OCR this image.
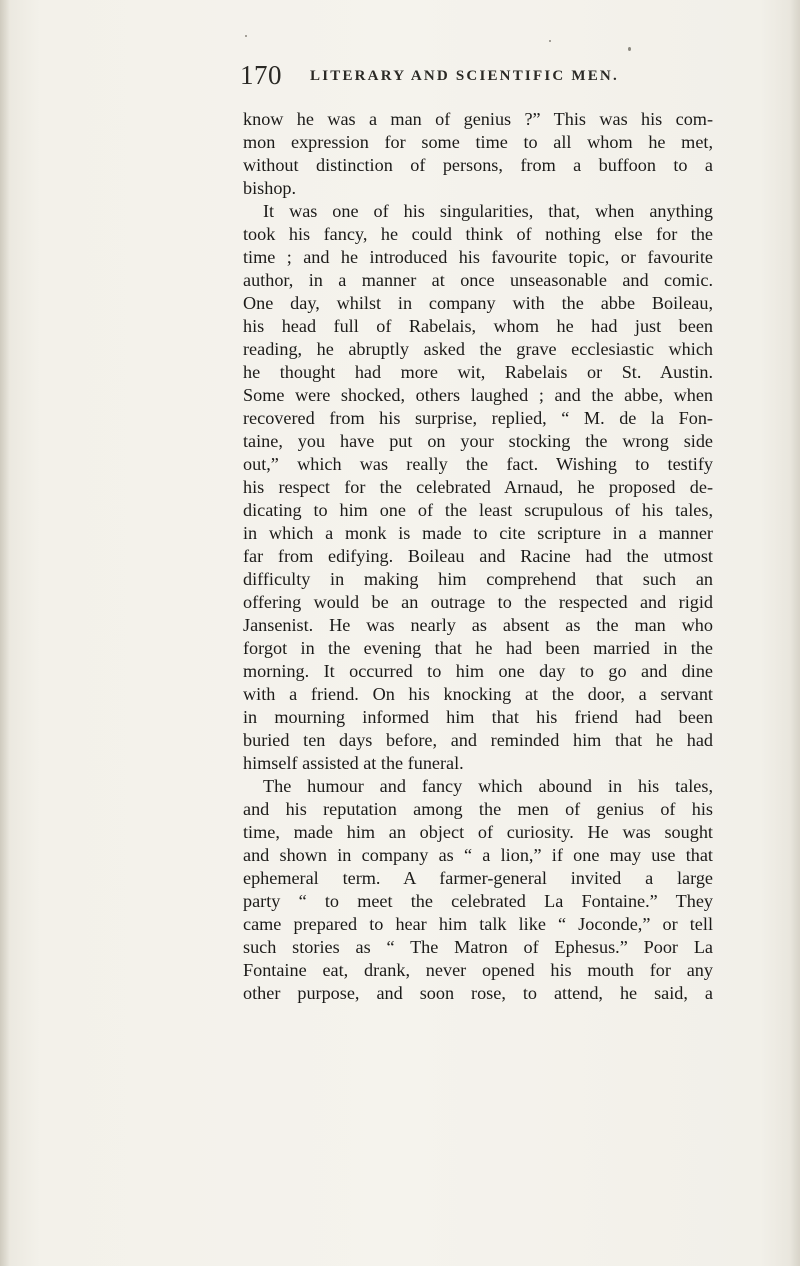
170 LITERARY AND SCIENTIFIC MEN.
know he was a man of genius ?” This was his com-
mon expression for some time to all whom he met,
without distinction of persons, from a buffoon to a
bishop.
It was one of his singularities, that, when anything
took his fancy, he could think of nothing else for the
time ; and he introduced his favourite topic, or favourite
author, in a manner at once unseasonable and comic.
One day, whilst in company with the abbe Boileau,
his head full of Rabelais, whom he had just been
reading, he abruptly asked the grave ecclesiastic which
he thought had more wit, Rabelais or St. Austin.
Some were shocked, others laughed ; and the abbe, when
recovered from his surprise, replied, “ M. de la Fon-
taine, you have put on your stocking the wrong side
out,” which was really the fact. Wishing to testify
his respect for the celebrated Arnaud, he proposed de-
dicating to him one of the least scrupulous of his tales,
in which a monk is made to cite scripture in a manner
far from edifying. Boileau and Racine had the utmost
difficulty in making him comprehend that such an
offering would be an outrage to the respected and rigid
Jansenist. He was nearly as absent as the man who
forgot in the evening that he had been married in the
morning. It occurred to him one day to go and dine
with a friend. On his knocking at the door, a servant
in mourning informed him that his friend had been
buried ten days before, and reminded him that he had
himself assisted at the funeral.
The humour and fancy which abound in his tales,
and his reputation among the men of genius of his
time, made him an object of curiosity. He was sought
and shown in company as “ a lion,” if one may use that
ephemeral term. A farmer-general invited a large
party “ to meet the celebrated La Fontaine.” They
came prepared to hear him talk like “ Joconde,” or tell
such stories as “ The Matron of Ephesus.” Poor La
Fontaine eat, drank, never opened his mouth for any
other purpose, and soon rose, to attend, he said, a
